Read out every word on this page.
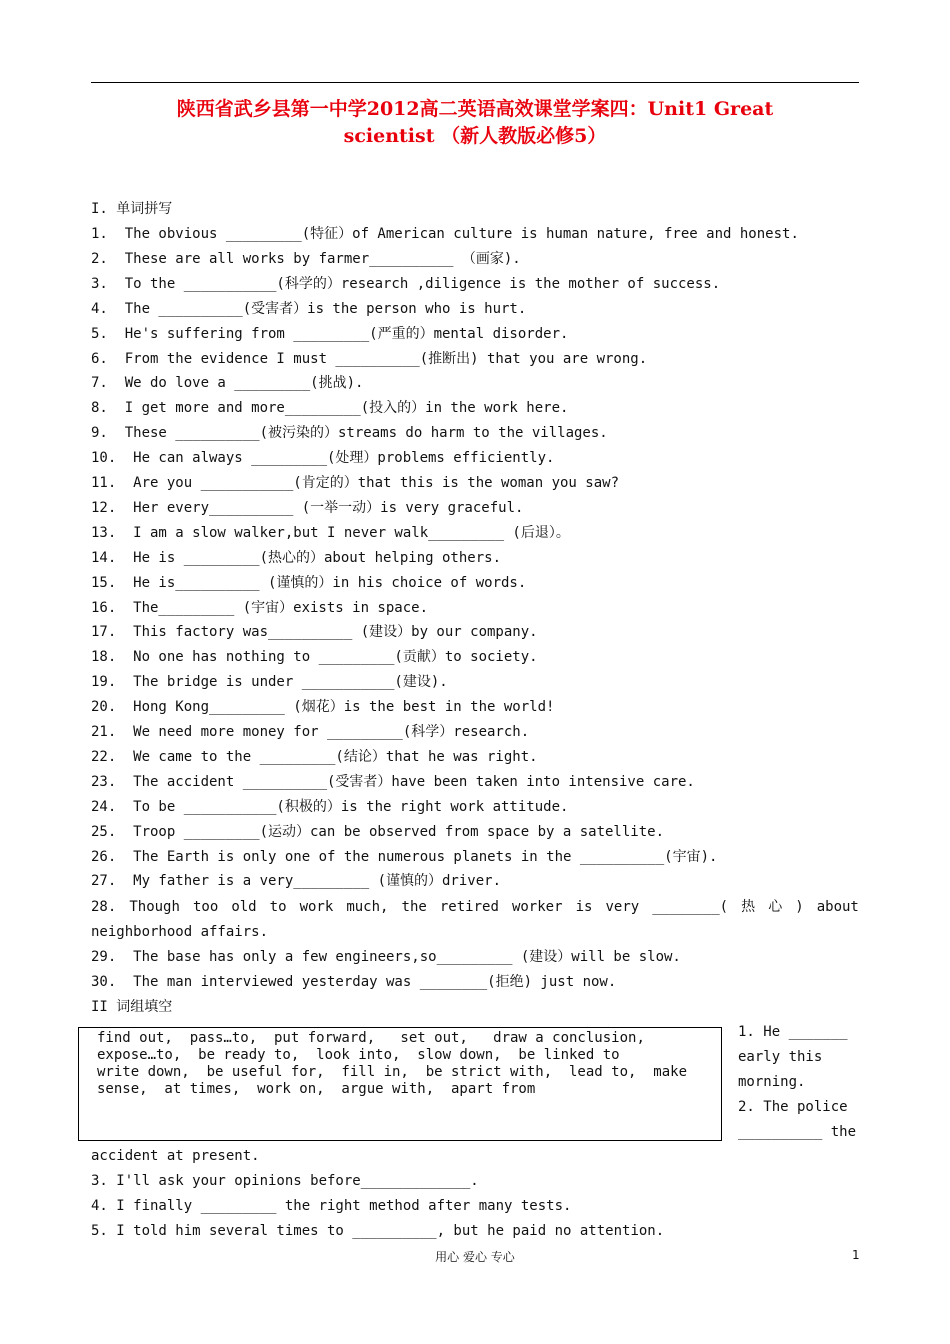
陕西省武乡县第一中学2012高二英语高效课堂学案四：Unit1 Great
scientist （新人教版必修5）
I. 单词拼写
1.  The obvious _________(特征）of American culture is human nature, free and honest.
2.  These are all works by farmer__________ （画家).
3.  To the ___________(科学的）research ,diligence is the mother of success.
4.  The __________(受害者）is the person who is hurt.
5.  He's suffering from _________(严重的）mental disorder.
6.  From the evidence I must __________(推断出) that you are wrong.
7.  We do love a _________(挑战).
8.  I get more and more_________(投入的）in the work here.
9.  These __________(被污染的）streams do harm to the villages.
10.  He can always _________(处理）problems efficiently.
11.  Are you ___________(肯定的）that this is the woman you saw?
12.  Her every__________ (一举一动）is very graceful.
13.  I am a slow walker,but I never walk_________ (后退）。
14.  He is _________(热心的）about helping others.
15.  He is__________ (谨慎的）in his choice of words.
16.  The_________ (宇宙）exists in space.
17.  This factory was__________ (建设）by our company.
18.  No one has nothing to _________(贡献）to society.
19.  The bridge is under ___________(建设).
20.  Hong Kong_________ (烟花）is the best in the world!
21.  We need more money for _________(科学）research.
22.  We came to the _________(结论）that he was right.
23.  The accident __________(受害者）have been taken into intensive care.
24.  To be ___________(积极的）is the right work attitude.
25.  Troop _________(运动）can be observed from space by a satellite.
26.  The Earth is only one of the numerous planets in the __________(宇宙).
27.  My father is a very_________ (谨慎的）driver.
28. Though too old to work much, the retired worker is very ________( 热 心 ) about
neighborhood affairs.
29.  The base has only a few engineers,so_________ (建设）will be slow.
30.  The man interviewed yesterday was ________(拒绝) just now.
II 词组填空
find out,  pass…to,  put forward,   set out,   draw a conclusion,
expose…to,  be ready to,  look into,  slow down,  be linked to
write down,  be useful for,  fill in,  be strict with,  lead to,  make
sense,  at times,  work on,  argue with,  apart from
1. He _______
early this
morning.
2. The police
__________ the
accident at present.
3. I'll ask your opinions before_____________.
4. I finally _________ the right method after many tests.
5. I told him several times to __________, but he paid no attention.
用心 爱心 专心	1
